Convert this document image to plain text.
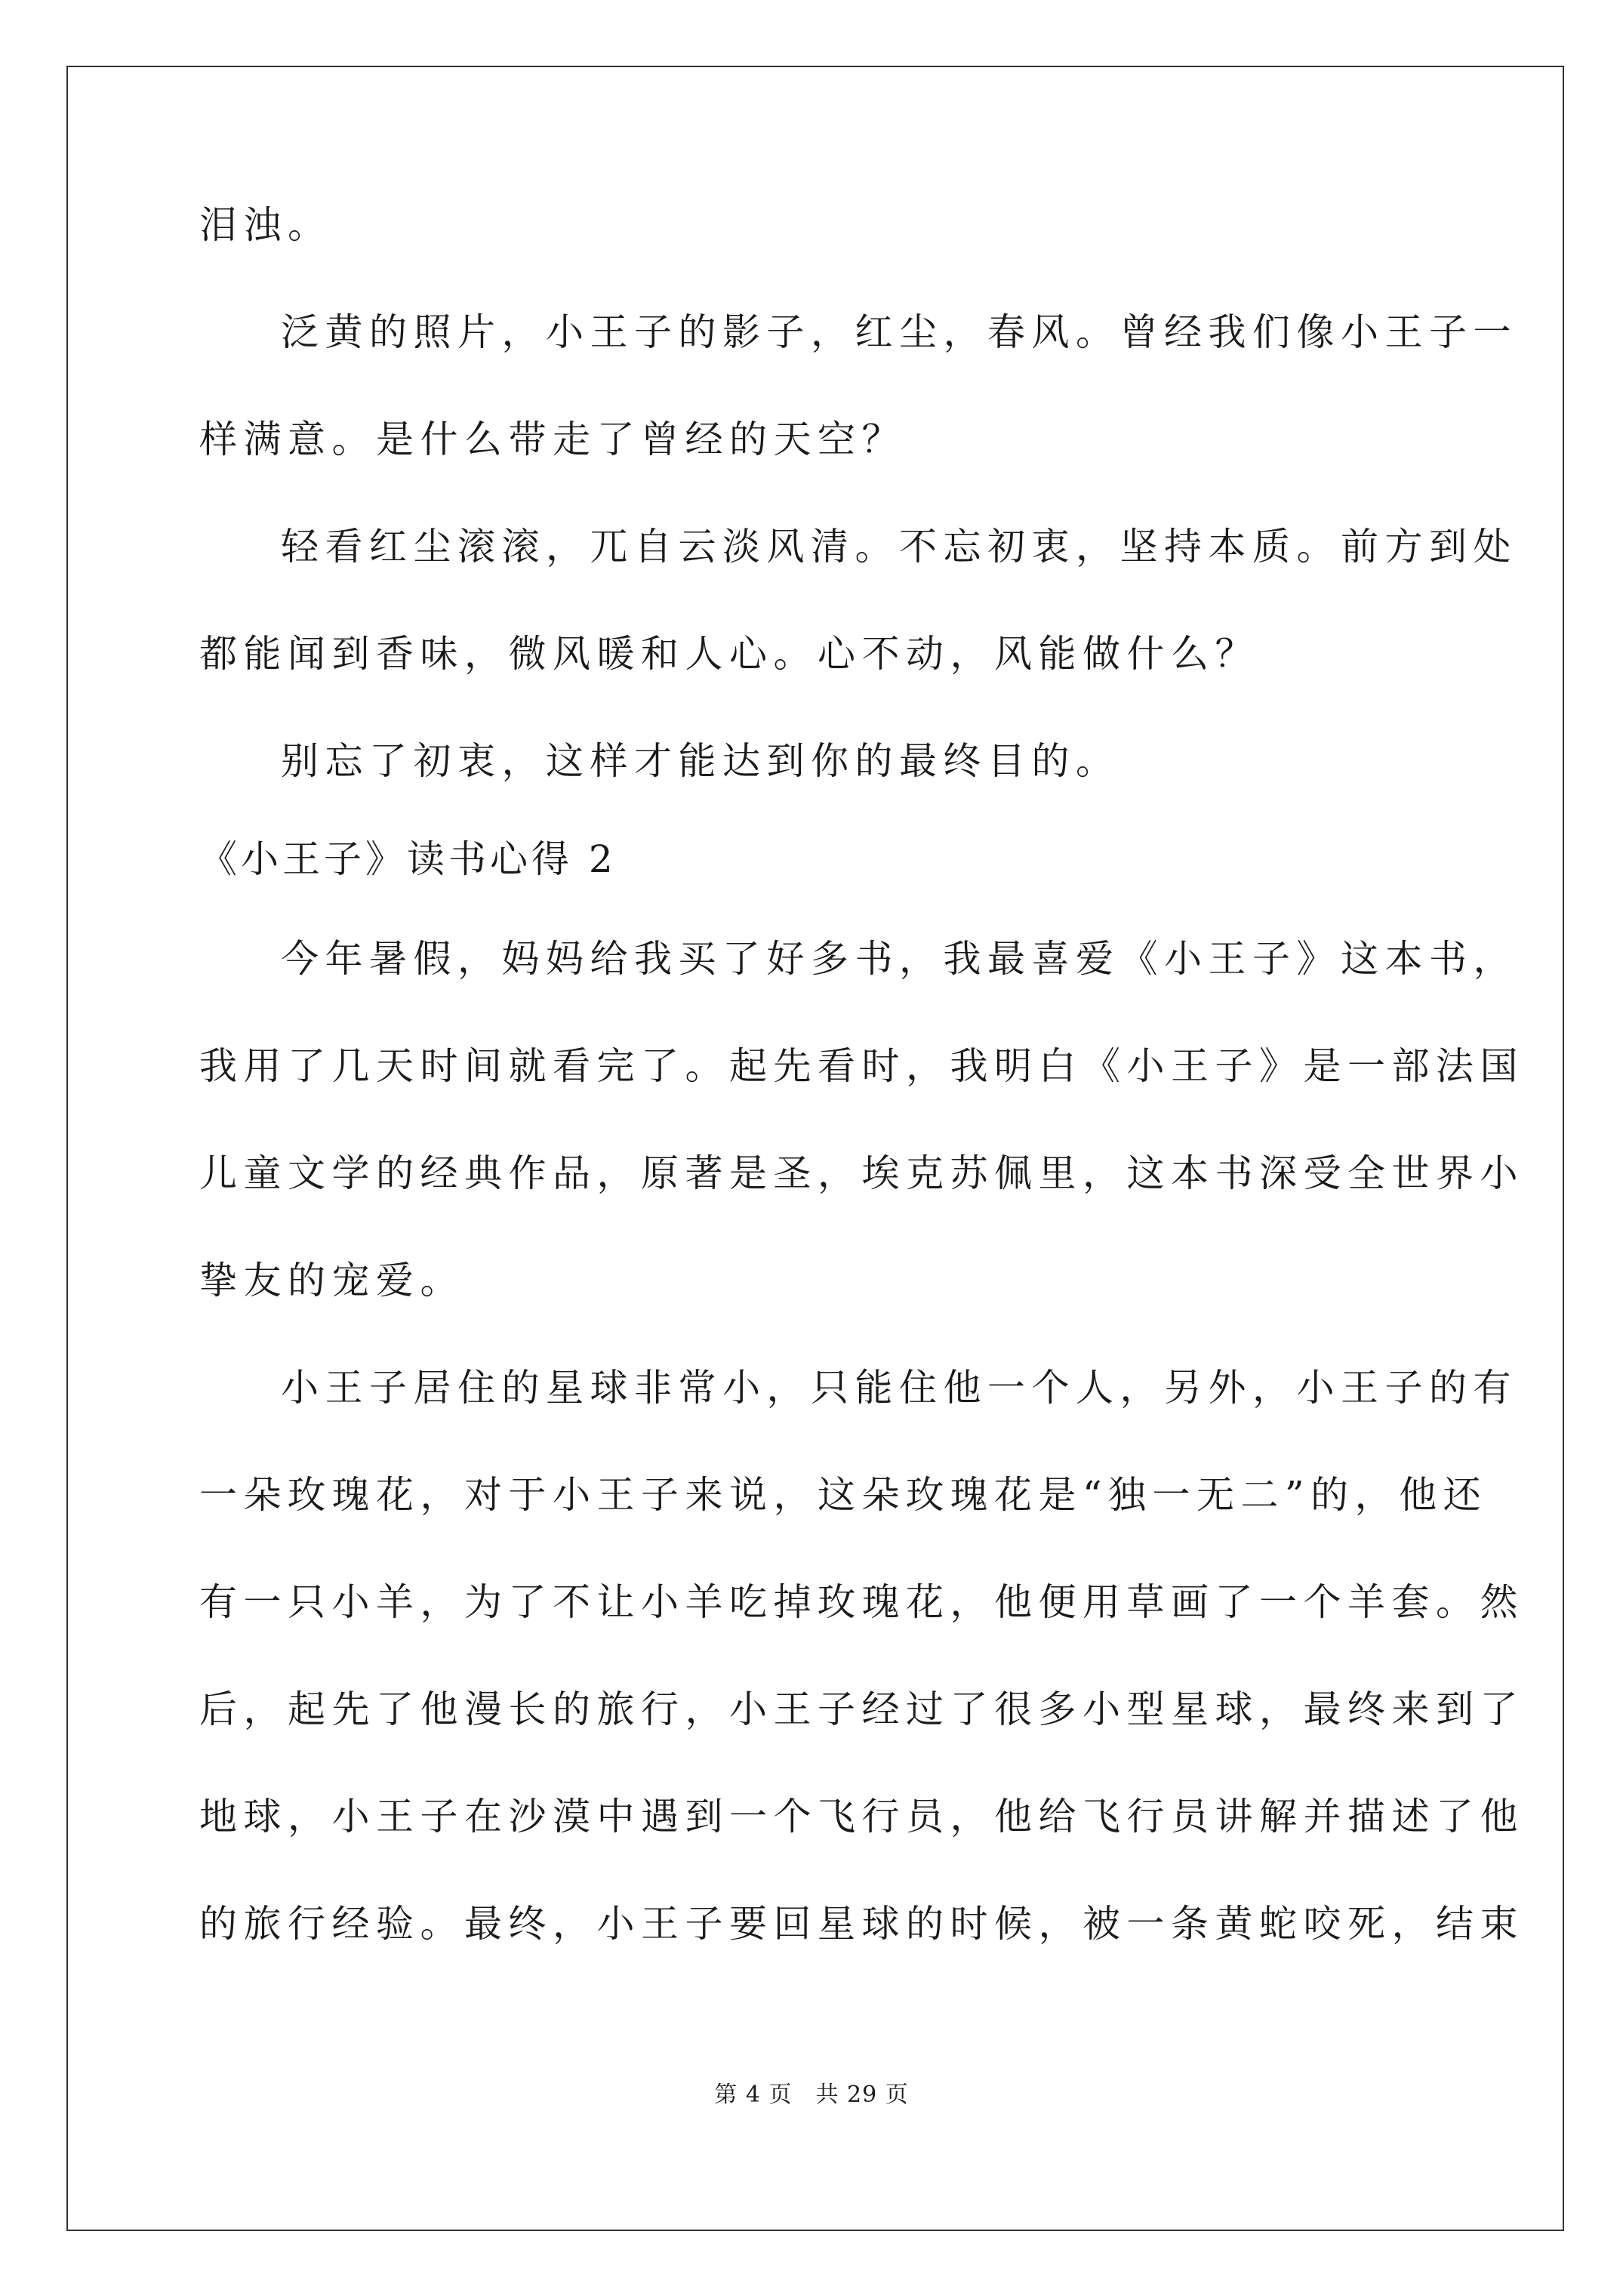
泪浊。
泛黄的照片，小王子的影子，红尘，春风。曾经我们像小王子一
样满意。是什么带走了曾经的天空？
轻看红尘滚滚，兀自云淡风清。不忘初衷，坚持本质。前方到处
都能闻到香味，微风暖和人心。心不动，风能做什么？
别忘了初衷，这样才能达到你的最终目的。
《小王子》读书心得 2
今年暑假，妈妈给我买了好多书，我最喜爱《小王子》这本书，
我用了几天时间就看完了。起先看时，我明白《小王子》是一部法国
儿童文学的经典作品，原著是圣，埃克苏佩里，这本书深受全世界小
挚友的宠爱。
小王子居住的星球非常小，只能住他一个人，另外，小王子的有
一朵玫瑰花，对于小王子来说，这朵玫瑰花是“独一无二”的，他还
有一只小羊，为了不让小羊吃掉玫瑰花，他便用草画了一个羊套。然
后，起先了他漫长的旅行，小王子经过了很多小型星球，最终来到了
地球，小王子在沙漠中遇到一个飞行员，他给飞行员讲解并描述了他
的旅行经验。最终，小王子要回星球的时候，被一条黄蛇咬死，结束
第 4 页　共 29 页
